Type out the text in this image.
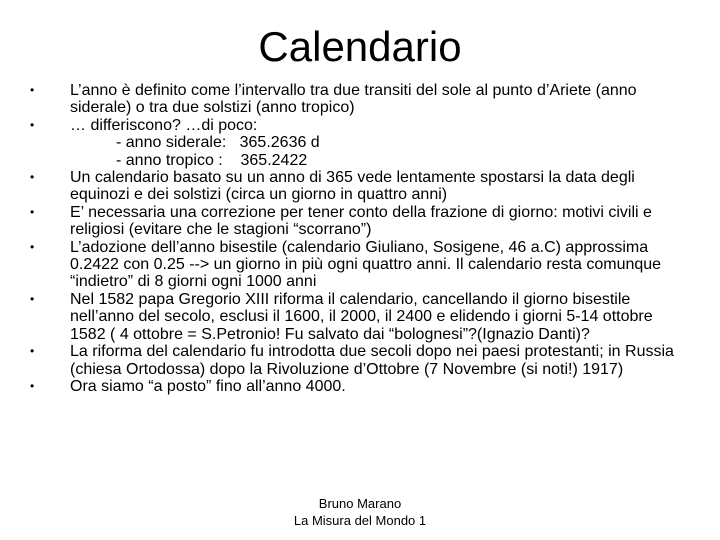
Calendario
• L’anno è definito come l’intervallo tra due transiti del sole al punto d’Ariete (anno siderale) o tra due solstizi (anno tropico)
• … differiscono? …di poco:
- anno siderale:   365.2636 d
- anno tropico :    365.2422
• Un calendario basato su un anno di 365 vede lentamente spostarsi la data degli equinozi e dei solstizi (circa un giorno in quattro anni)
• E’ necessaria una correzione per tener conto della frazione di giorno: motivi civili e religiosi (evitare che le stagioni “scorrano”)
• L’adozione dell’anno bisestile (calendario Giuliano, Sosigene, 46 a.C) approssima 0.2422 con 0.25 --> un giorno in più ogni quattro anni. Il calendario resta comunque “indietro” di 8 giorni ogni 1000 anni
• Nel 1582 papa Gregorio XIII riforma il calendario, cancellando il giorno bisestile nell’anno del secolo, esclusi il 1600, il 2000, il 2400 e elidendo i giorni 5-14 ottobre 1582 ( 4 ottobre = S.Petronio! Fu salvato dai “bolognesi”?(Ignazio Danti)?
• La riforma del calendario fu introdotta due secoli dopo nei paesi protestanti; in Russia (chiesa Ortodossa) dopo la Rivoluzione d’Ottobre (7 Novembre (si noti!) 1917)
• Ora siamo “a posto” fino all’anno 4000.
Bruno Marano
La Misura del Mondo 1
